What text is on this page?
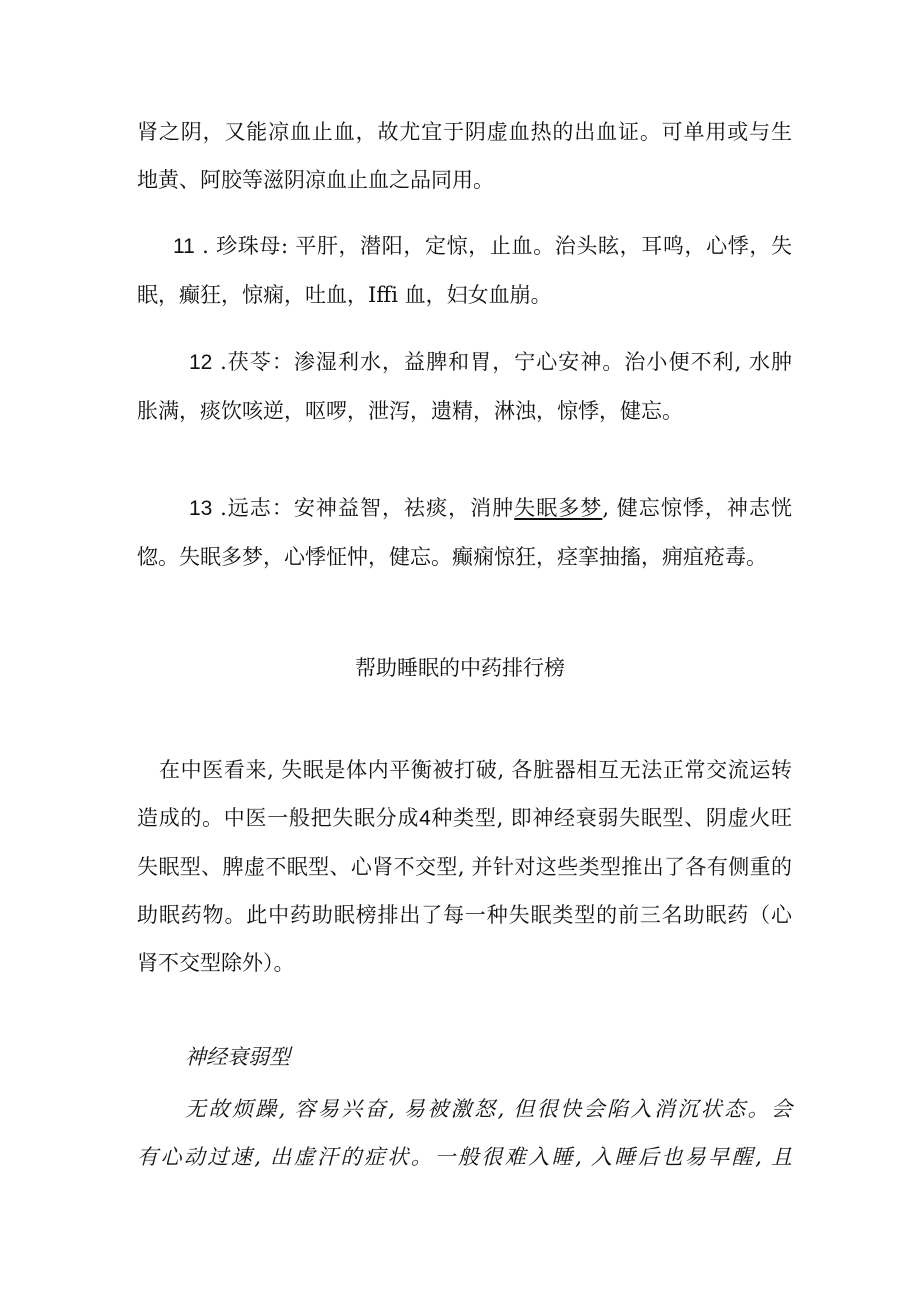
肾之阴，又能凉血止血，故尤宜于阴虚血热的出血证。可单用或与生
地黄、阿胶等滋阴凉血止血之品同用。

11 . 珍珠母: 平肝，潜阳，定惊，止血。治头眩，耳鸣，心悸，失
眠，癫狂，惊痫，吐血，Iffi 血，妇女血崩。

12 .茯苓：渗湿利水，益脾和胃，宁心安神。治小便不利, 水肿
胀满，痰饮咳逆，呕啰，泄泻，遗精，淋浊，惊悸，健忘。

13 .远志：安神益智，祛痰，消肿失眠多梦, 健忘惊悸，神志恍
惚。失眠多梦，心悸怔忡，健忘。癫痫惊狂，痉挛抽搐，痈疽疮毒。

帮助睡眠的中药排行榜

在中医看来, 失眠是体内平衡被打破, 各脏器相互无法正常交流运转
造成的。中医一般把失眠分成4种类型, 即神经衰弱失眠型、阴虚火旺
失眠型、脾虚不眠型、心肾不交型, 并针对这些类型推出了各有侧重的
助眠药物。此中药助眠榜排出了每一种失眠类型的前三名助眠药（心
肾不交型除外）。

神经衰弱型

无故烦躁, 容易兴奋, 易被激怒, 但很快会陷入消沉状态。会
有心动过速, 出虚汗的症状。一般很难入睡, 入睡后也易早醒, 且
